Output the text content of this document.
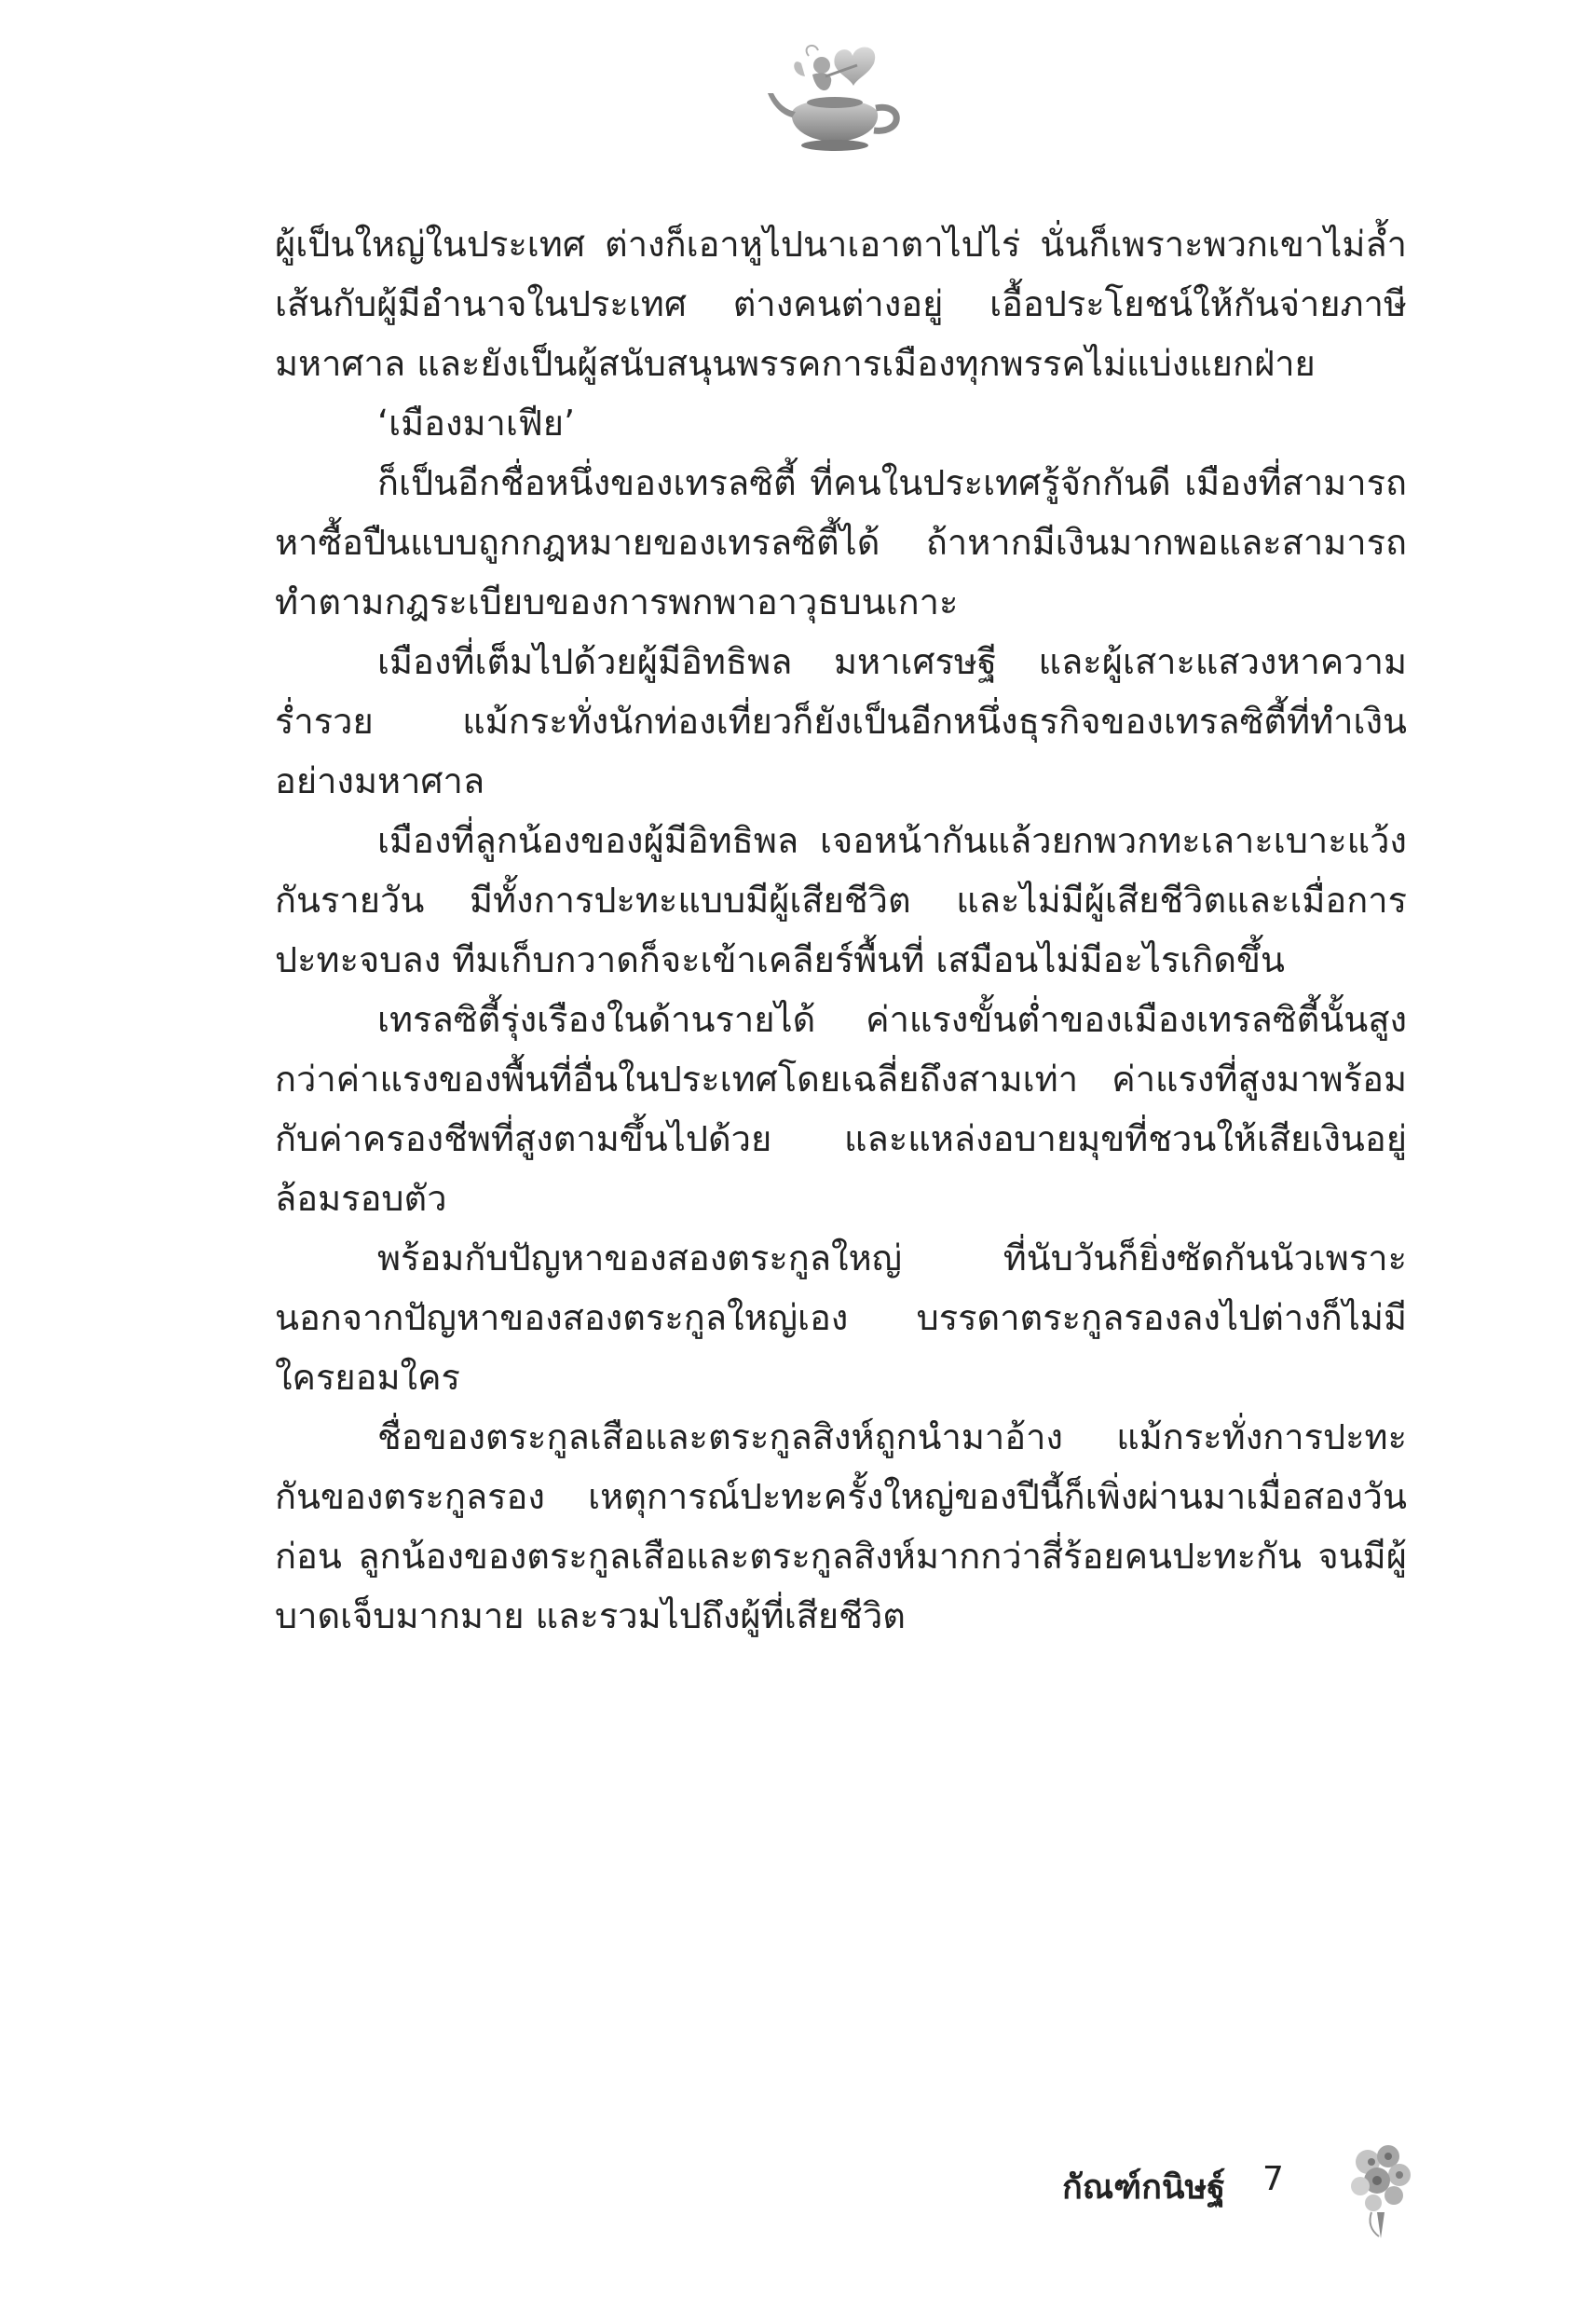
ผู้เป็นใหญ่ในประเทศ ต่างก็เอาหูไปนาเอาตาไปไร่ นั่นก็เพราะพวกเขาไม่ล้ำเส้นกับผู้มีอำนาจในประเทศ ต่างคนต่างอยู่ เอื้อประโยชน์ให้กันจ่ายภาษีมหาศาล และยังเป็นผู้สนับสนุนพรรคการเมืองทุกพรรคไม่แบ่งแยกฝ่าย

‘เมืองมาเฟีย’

ก็เป็นอีกชื่อหนึ่งของเทรลซิตี้ ที่คนในประเทศรู้จักกันดี เมืองที่สามารถหาซื้อปืนแบบถูกกฎหมายของเทรลซิตี้ได้ ถ้าหากมีเงินมากพอและสามารถทำตามกฎระเบียบของการพกพาอาวุธบนเกาะ

เมืองที่เต็มไปด้วยผู้มีอิทธิพล มหาเศรษฐี และผู้เสาะแสวงหาความร่ำรวย แม้กระทั่งนักท่องเที่ยวก็ยังเป็นอีกหนึ่งธุรกิจของเทรลซิตี้ที่ทำเงินอย่างมหาศาล

เมืองที่ลูกน้องของผู้มีอิทธิพล เจอหน้ากันแล้วยกพวกทะเลาะเบาะแว้งกันรายวัน มีทั้งการปะทะแบบมีผู้เสียชีวิต และไม่มีผู้เสียชีวิตและเมื่อการปะทะจบลง ทีมเก็บกวาดก็จะเข้าเคลียร์พื้นที่ เสมือนไม่มีอะไรเกิดขึ้น

เทรลซิตี้รุ่งเรืองในด้านรายได้ ค่าแรงขั้นต่ำของเมืองเทรลซิตี้นั้นสูงกว่าค่าแรงของพื้นที่อื่นในประเทศโดยเฉลี่ยถึงสามเท่า ค่าแรงที่สูงมาพร้อมกับค่าครองชีพที่สูงตามขึ้นไปด้วย และแหล่งอบายมุขที่ชวนให้เสียเงินอยู่ล้อมรอบตัว

พร้อมกับปัญหาของสองตระกูลใหญ่ ที่นับวันก็ยิ่งซัดกันนัวเพราะนอกจากปัญหาของสองตระกูลใหญ่เอง บรรดาตระกูลรองลงไปต่างก็ไม่มีใครยอมใคร

ชื่อของตระกูลเสือและตระกูลสิงห์ถูกนำมาอ้าง แม้กระทั่งการปะทะกันของตระกูลรอง เหตุการณ์ปะทะครั้งใหญ่ของปีนี้ก็เพิ่งผ่านมาเมื่อสองวันก่อน ลูกน้องของตระกูลเสือและตระกูลสิงห์มากกว่าสี่ร้อยคนปะทะกัน จนมีผู้บาดเจ็บมากมาย และรวมไปถึงผู้ที่เสียชีวิต

กัณฑ์กนิษฐ์ 7
